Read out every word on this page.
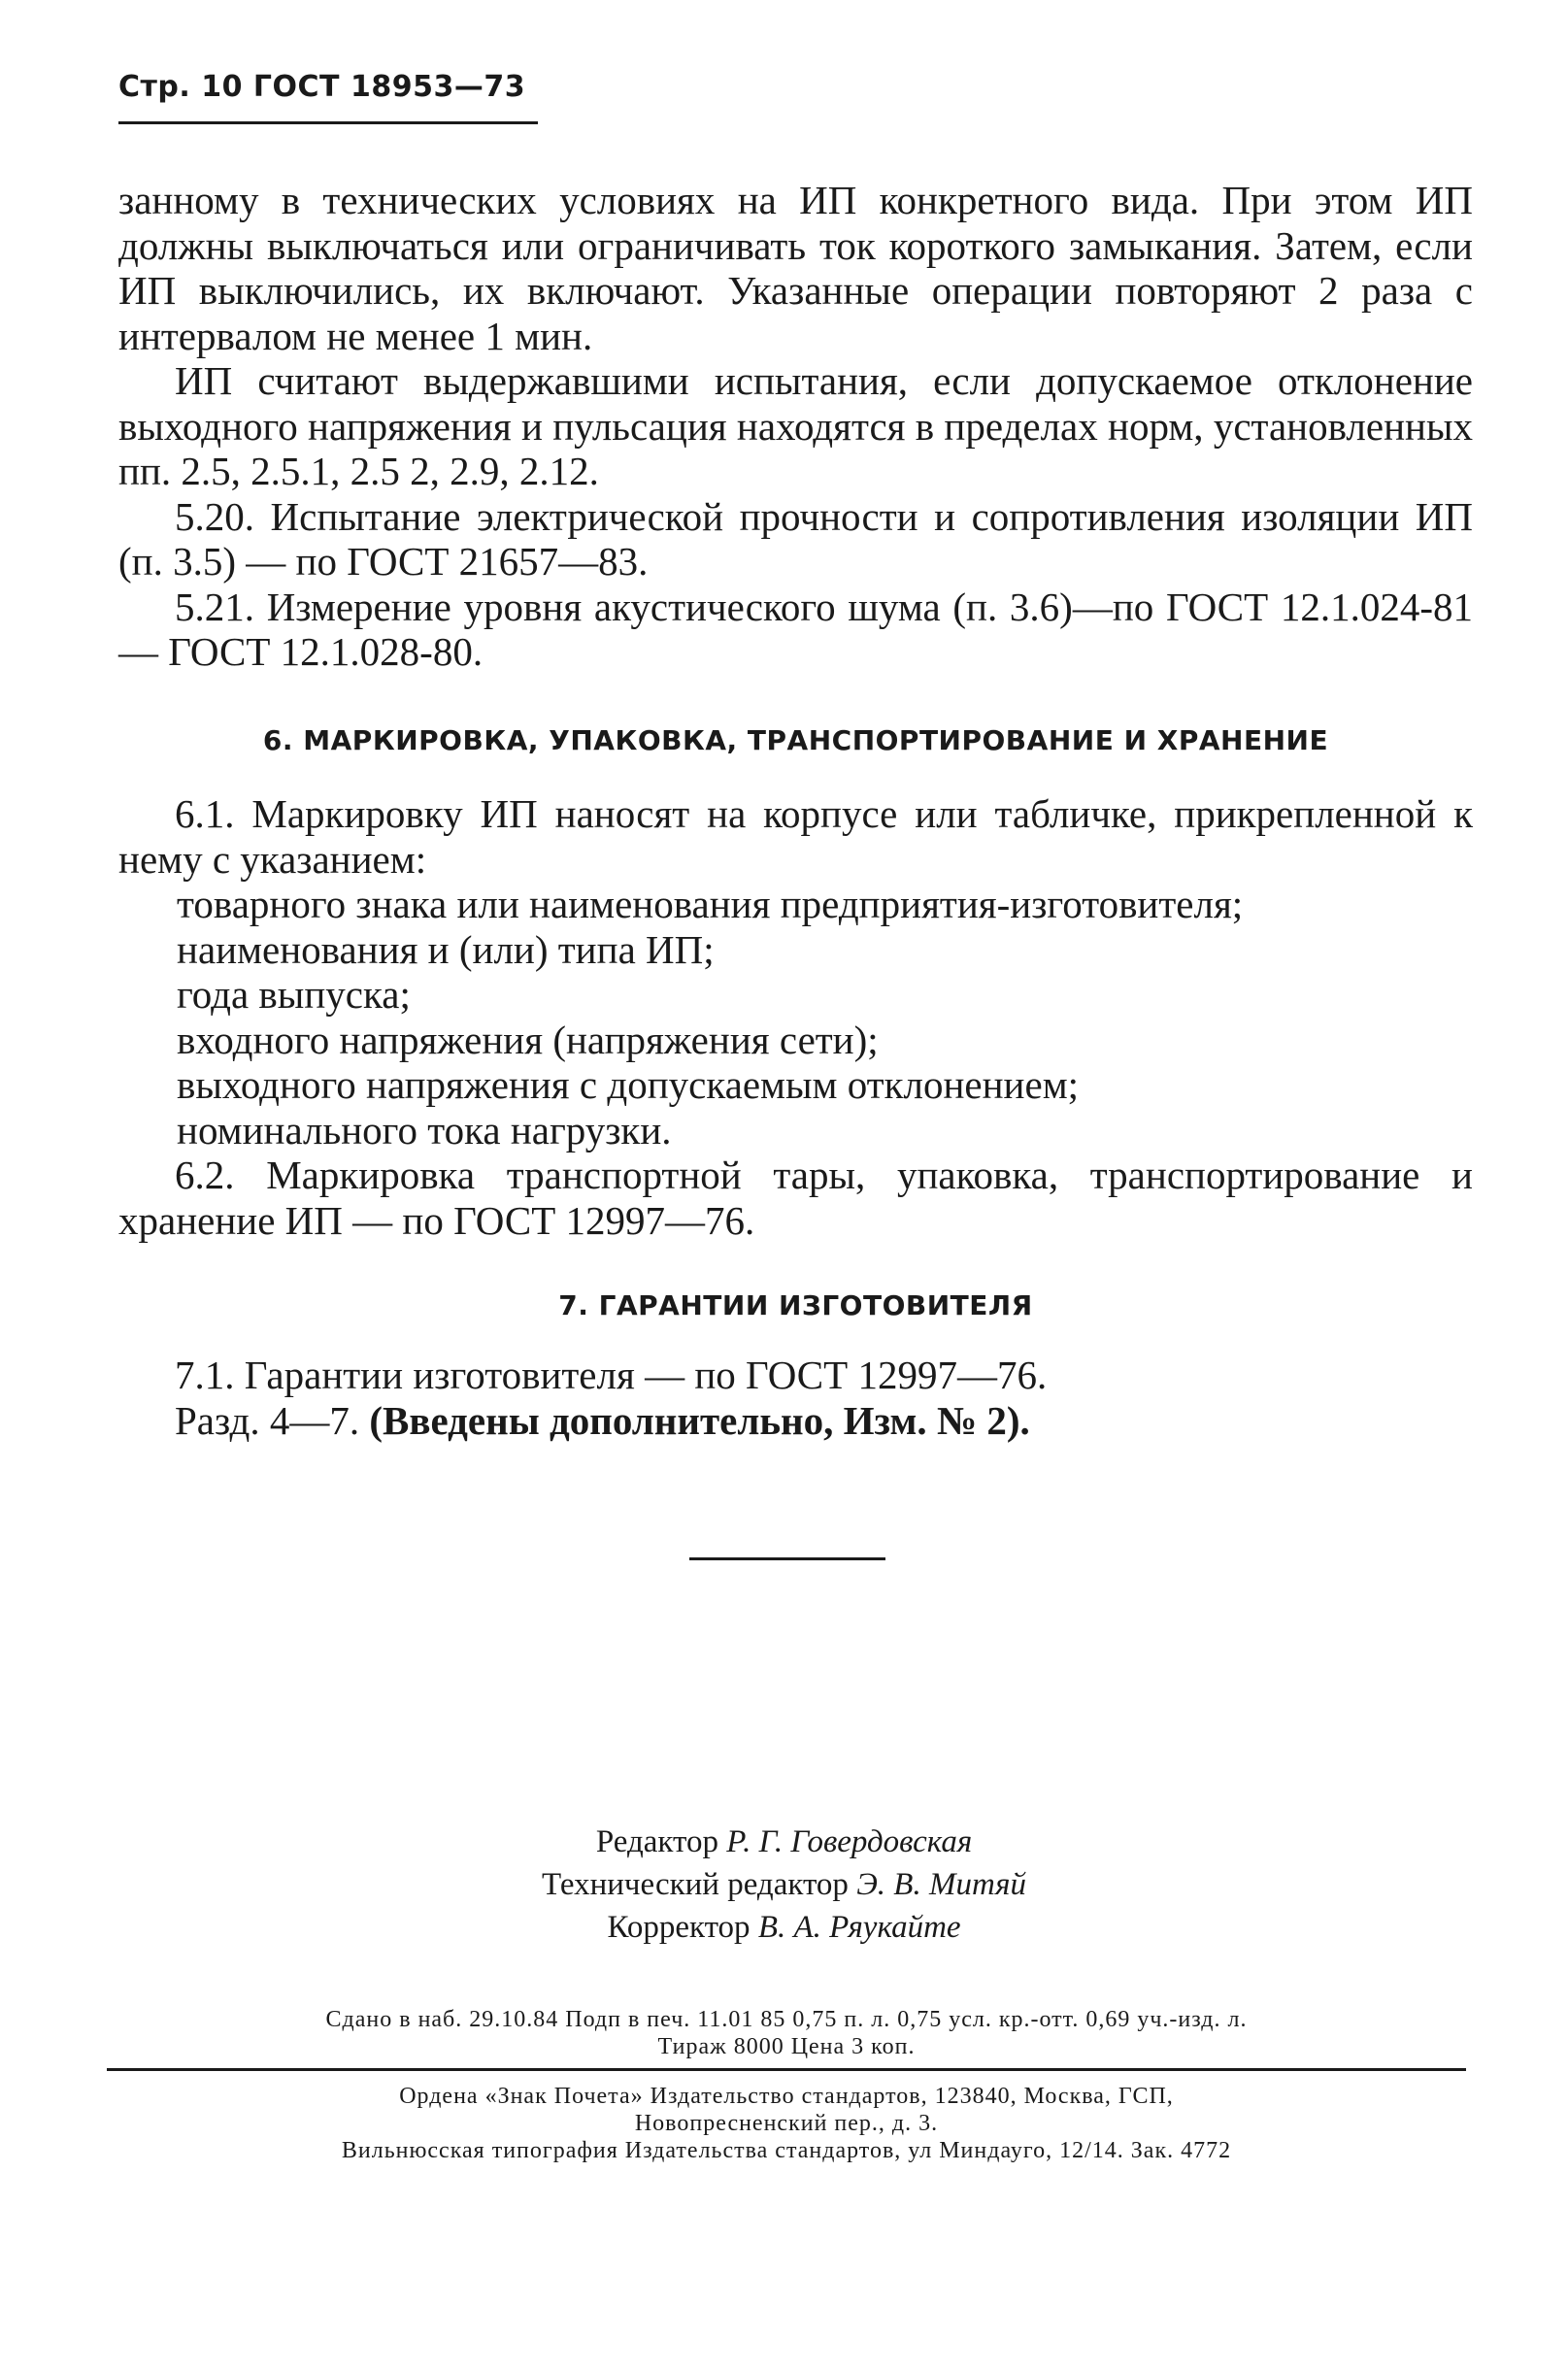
Стр. 10 ГОСТ 18953—73

занному в технических условиях на ИП конкретного вида. При этом ИП должны выключаться или ограничивать ток короткого замыкания. Затем, если ИП выключились, их включают. Указанные операции повторяют 2 раза с интервалом не менее 1 мин.

ИП считают выдержавшими испытания, если допускаемое отклонение выходного напряжения и пульсация находятся в пределах норм, установленных пп. 2.5, 2.5.1, 2.5 2, 2.9, 2.12.

5.20. Испытание электрической прочности и сопротивления изоляции ИП (п. 3.5) — по ГОСТ 21657—83.

5.21. Измерение уровня акустического шума (п. 3.6)—по ГОСТ 12.1.024-81 — ГОСТ 12.1.028-80.

6. МАРКИРОВКА, УПАКОВКА, ТРАНСПОРТИРОВАНИЕ И ХРАНЕНИЕ

6.1. Маркировку ИП наносят на корпусе или табличке, прикрепленной к нему с указанием:

товарного знака или наименования предприятия-изготовителя;
наименования и (или) типа ИП;
года выпуска;
входного напряжения (напряжения сети);
выходного напряжения с допускаемым отклонением;
номинального тока нагрузки.

6.2. Маркировка транспортной тары, упаковка, транспортирование и хранение ИП — по ГОСТ 12997—76.

7. ГАРАНТИИ ИЗГОТОВИТЕЛЯ

7.1. Гарантии изготовителя — по ГОСТ 12997—76.

Разд. 4—7. (Введены дополнительно, Изм. № 2).

Редактор Р. Г. Говердовская
Технический редактор Э. В. Митяй
Корректор В. А. Ряукайте
Сдано в наб. 29.10.84 Подп в печ. 11.01 85 0,75 п. л. 0,75 усл. кр.-отт. 0,69 уч.-изд. л.
Тираж 8000 Цена 3 коп.
Ордена «Знак Почета» Издательство стандартов, 123840, Москва, ГСП,
Новопресненский пер., д. 3.
Вильнюсская типография Издательства стандартов, ул Миндауго, 12/14. Зак. 4772
